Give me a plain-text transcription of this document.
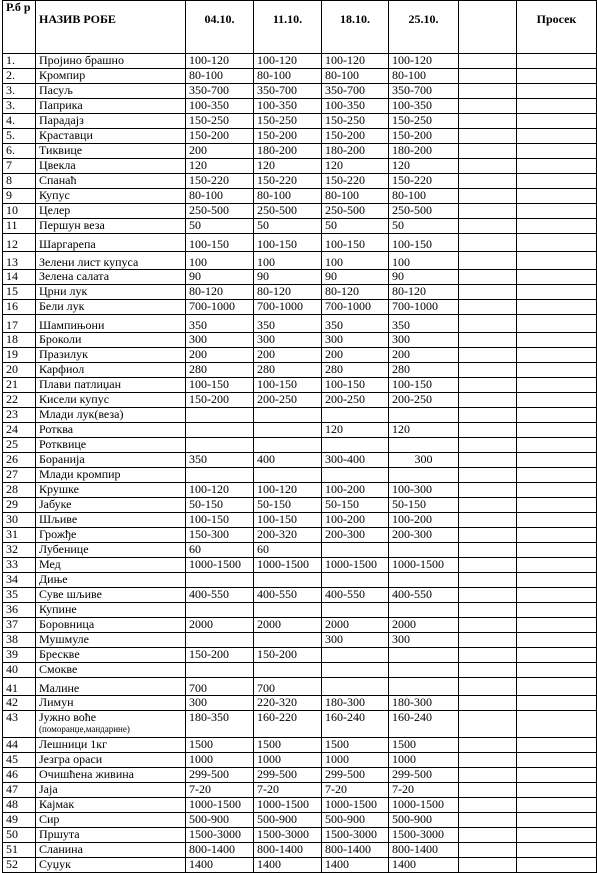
Р.б р	НАЗИВ РОБЕ	04.10.	11.10.	18.10.	25.10.		Просек
1.	Пројино брашно	100-120	100-120	100-120	100-120		
2.	Кромпир	80-100	80-100	80-100	80-100		
3.	Пасуљ	350-700	350-700	350-700	350-700		
3.	Паприка	100-350	100-350	100-350	100-350		
4.	Парадајз	150-250	150-250	150-250	150-250		
5.	Краставци	150-200	150-200	150-200	150-200		
6.	Тиквице	200	180-200	180-200	180-200		
7	Цвекла	120	120	120	120		
8	Спанаћ	150-220	150-220	150-220	150-220		
9	Купус	80-100	80-100	80-100	80-100		
10	Целер	250-500	250-500	250-500	250-500		
11	Першун веза	50	50	50	50		
12	Шаргарепа	100-150	100-150	100-150	100-150		
13	Зелени лист купуса	100	100	100	100		
14	Зелена салата	90	90	90	90		
15	Црни лук	80-120	80-120	80-120	80-120		
16	Бели лук	700-1000	700-1000	700-1000	700-1000		
17	Шампињони	350	350	350	350		
18	Броколи	300	300	300	300		
19	Празилук	200	200	200	200		
20	Карфиол	280	280	280	280		
21	Плави патлиџан	100-150	100-150	100-150	100-150		
22	Кисели купус	150-200	200-250	200-250	200-250		
23	Млади лук(веза)						
24	Ротква			120	120		
25	Ротквице						
26	Боранија	350	400	300-400	300		
27	Млади кромпир						
28	Крушке	100-120	100-120	100-200	100-300		
29	Јабуке	50-150	50-150	50-150	50-150		
30	Шљиве	100-150	100-150	100-200	100-200		
31	Грожђе	150-300	200-320	200-300	200-300		
32	Лубенице	60	60				
33	Мед	1000-1500	1000-1500	1000-1500	1000-1500		
34	Диње						
35	Суве шљиве	400-550	400-550	400-550	400-550		
36	Купине						
37	Боровница	2000	2000	2000	2000		
38	Мушмуле			300	300		
39	Бресквe	150-200	150-200				
40	Смокве						
41	Малине	700	700				
42	Лимун	300	220-320	180-300	180-300		
43	Јужно воће
(поморанџе,мандарине)	180-350	160-220	160-240	160-240		
44	Лешници 1кг	1500	1500	1500	1500		
45	Језгра ораси	1000	1000	1000	1000		
46	Очишћена живина	299-500	299-500	299-500	299-500		
47	Јаја	7-20	7-20	7-20	7-20		
48	Кајмак	1000-1500	1000-1500	1000-1500	1000-1500		
49	Сир	500-900	500-900	500-900	500-900		
50	Пршута	1500-3000	1500-3000	1500-3000	1500-3000		
51	Сланина	800-1400	800-1400	800-1400	800-1400		
52	Суџук	1400	1400	1400	1400		
